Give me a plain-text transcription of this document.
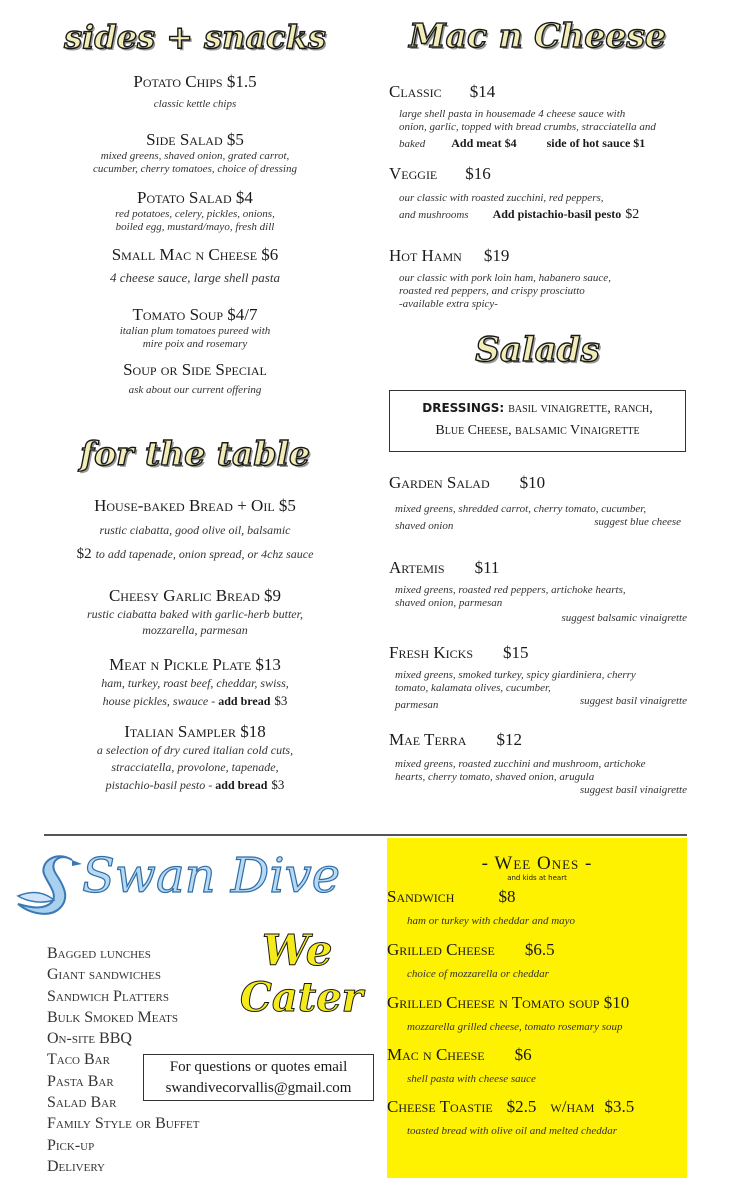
sides + snacks
Potato Chips $1.5
classic kettle chips
Side Salad $5
mixed greens, shaved onion, grated carrot,
cucumber, cherry tomatoes, choice of dressing
Potato Salad $4
red potatoes, celery, pickles, onions,
boiled egg, mustard/mayo, fresh dill
Small Mac n Cheese $6
4 cheese sauce, large shell pasta
Tomato Soup $4/7
italian plum tomatoes pureed with
mire poix and rosemary
Soup or Side Special
ask about our current offering
for the table
House-baked Bread + Oil $5
rustic ciabatta, good olive oil, balsamic
$2 to add tapenade, onion spread, or 4chz sauce
Cheesy Garlic Bread $9
rustic ciabatta baked with garlic-herb butter,
mozzarella, parmesan
Meat n Pickle Plate $13
ham, turkey, roast beef, cheddar, swiss,
house pickles, swauce - add bread $3
Italian Sampler $18
a selection of dry cured italian cold cuts,
stracciatella, provolone, tapenade,
pistachio-basil pesto - add bread $3
Mac n Cheese
Classic $14
large shell pasta in housemade 4 cheese sauce with
onion, garlic, topped with bread crumbs, stracciatella and
baked Add meat $4	side of hot sauce $1
Veggie $16
our classic with roasted zucchini, red peppers,
and mushrooms Add pistachio-basil pesto $2
Hot Hamn $19
our classic with pork loin ham, habanero sauce,
roasted red peppers, and crispy prosciutto
-available extra spicy-
Salads
DRESSINGS: basil vinaigrette, ranch,
Blue Cheese, balsamic Vinaigrette
Garden Salad $10
mixed greens, shredded carrot, cherry tomato, cucumber,
shaved onion	suggest blue cheese
Artemis $11
mixed greens, roasted red peppers, artichoke hearts,
shaved onion, parmesan
suggest balsamic vinaigrette
Fresh Kicks $15
mixed greens, smoked turkey, spicy giardiniera, cherry
tomato, kalamata olives, cucumber,
parmesan	suggest basil vinaigrette
Mae Terra $12
mixed greens, roasted zucchini and mushroom, artichoke
hearts, cherry tomato, shaved onion, arugula
suggest basil vinaigrette
Swan Dive
We
Cater
Bagged lunches
Giant sandwiches
Sandwich Platters
Bulk Smoked Meats
On-site BBQ
Taco Bar
Pasta Bar
Salad Bar
Family Style or Buffet
Pick-up
Delivery
For questions or quotes email
swandivecorvallis@gmail.com
- Wee Ones -
and kids at heart
Sandwich	$8
ham or turkey with cheddar and mayo
Grilled Cheese $6.5
choice of mozzarella or cheddar
Grilled Cheese n Tomato soup $10
mozzarella grilled cheese, tomato rosemary soup
Mac n Cheese $6
shell pasta with cheese sauce
Cheese Toastie $2.5 w/ham $3.5
toasted bread with olive oil and melted cheddar
